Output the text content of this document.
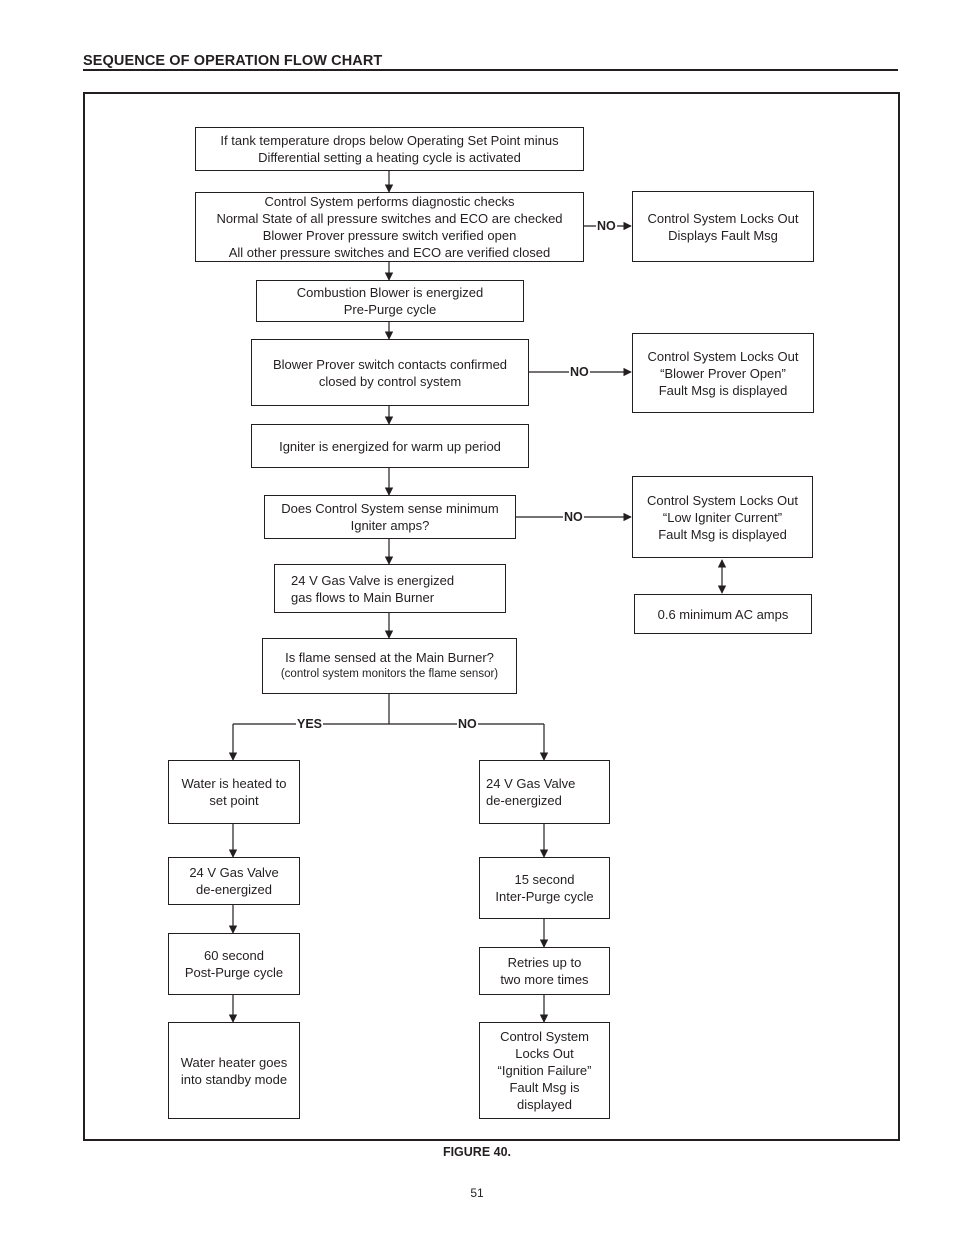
SEQUENCE OF OPERATION FLOW CHART
NO
NO
NO
YES	NO
If tank temperature drops below Operating Set Point minus
Differential setting a heating cycle is activated
Control System performs diagnostic checks
Normal State of all pressure switches and ECO are checked
Blower Prover pressure switch verified open
All other pressure switches and ECO are verified closed
Control System Locks Out
Displays Fault Msg
Combustion Blower is energized
Pre-Purge cycle
Blower Prover switch contacts confirmed
closed by control system
Control System Locks Out
“Blower Prover Open”
Fault Msg is displayed
Igniter is energized for warm up period
Does Control System sense minimum
Igniter amps?
Control System Locks Out
“Low Igniter Current”
Fault Msg is displayed
0.6 minimum AC amps
24 V Gas Valve is energized
gas flows to Main Burner
Is flame sensed at the Main Burner?
(control system monitors the flame sensor)
Water is heated to
set point
24 V Gas Valve
de-energized
60 second
Post-Purge cycle
Water heater goes
into standby mode
24 V Gas Valve
de-energized
15 second
Inter-Purge cycle
Retries up to
two more times
Control System
Locks Out
“Ignition Failure”
Fault Msg is
displayed
FIGURE 40.
51
